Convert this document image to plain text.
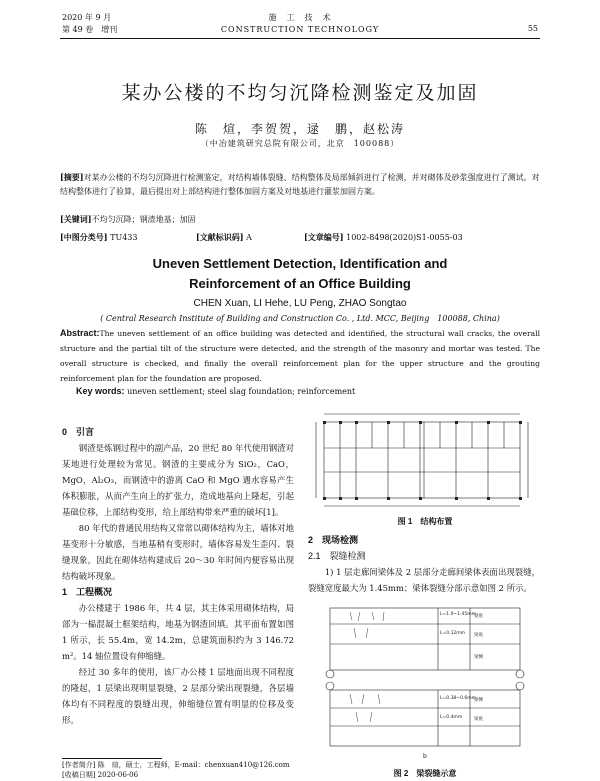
2020 年 9 月
第 49 卷　增刊
施　工　技　术
CONSTRUCTION TECHNOLOGY	55
某办公楼的不均匀沉降检测鉴定及加固
陈　煊，李贺贺，逯　鹏，赵松涛
（中冶建筑研究总院有限公司，北京　100088）
[摘要]对某办公楼的不均匀沉降进行检测鉴定，对结构墙体裂缝、结构整体及局部倾斜进行了检测，并对砌体及砂浆强度进行了测试。对结构整体进行了验算，最后提出对上部结构进行整体加固方案及对地基进行灌浆加固方案。
[关键词]不均匀沉降；钢渣地基；加固
[中图分类号] TU433	[文献标识码] A	[文章编号] 1002-8498(2020)S1-0055-03
Uneven Settlement Detection, Identification and
Reinforcement of an Office Building
CHEN Xuan, LI Hehe, LU Peng, ZHAO Songtao
( Central Research Institute of Building and Construction Co. , Ltd. MCC, Beijing　100088, China)
Abstract:The uneven settlement of an office building was detected and identified, the structural wall cracks, the overall structure and the partial tilt of the structure were detected, and the strength of the masonry and mortar was tested. The overall structure is checked, and finally the overall reinforcement plan for the upper structure and the grouting reinforcement plan for the foundation are proposed.
Key words: uneven settlement; steel slag foundation; reinforcement

0　引言

钢渣是炼钢过程中的副产品，20 世纪 80 年代使用钢渣对某地进行处理较为常见。钢渣的主要成分为 SiO₂，CaO，MgO，Al₂O₃，而钢渣中的游离 CaO 和 MgO 遇水容易产生体积膨胀，从而产生向上的扩张力，造成地基向上隆起，引起基础位移，上部结构变形，给上部结构带来严重的破坏[1]。

80 年代的普通民用结构又常常以砌体结构为主，墙体对地基变形十分敏感，当地基稍有变形时，墙体容易发生歪闪、裂缝现象，因此在砌体结构建成后 20～30 年时间内便容易出现结构破坏现象。

1　工程概况

办公楼建于 1986 年，共 4 层，其主体采用砌体结构，局部为一榀混凝土框架结构，地基为钢渣回填。其平面布置如图 1 所示，长 55.4m，宽 14.2m，总建筑面积约为 3 146.72 m²。14 轴位置设有伸缩缝。

经过 30 多年的使用，该厂办公楼 1 层地面出现不同程度的隆起，1 层梁出现明显裂缝，2 层部分梁出现裂缝，各层墙体均有不同程度的裂缝出现，伸缩缝位置有明显的位移及变形。

图 1　结构布置

2　现场检测

2.1　裂缝检测

1) 1 层走廊间梁体及 2 层部分走廊间梁体表面出现裂缝，裂缝宽度最大为 1.45mm；梁体裂缝分部示意如图 2 所示。

L=1.0~1.45mm
梁底
L=0.12mm 梁底
梁侧
L=0.38~0.6mm
梁侧
L=0.4mm	梁底
b
图 2　梁裂缝示意
[作者简介] 陈　煊，硕士，工程师，E-mail：chenxuan410@126.com
[收稿日期] 2020-06-06
